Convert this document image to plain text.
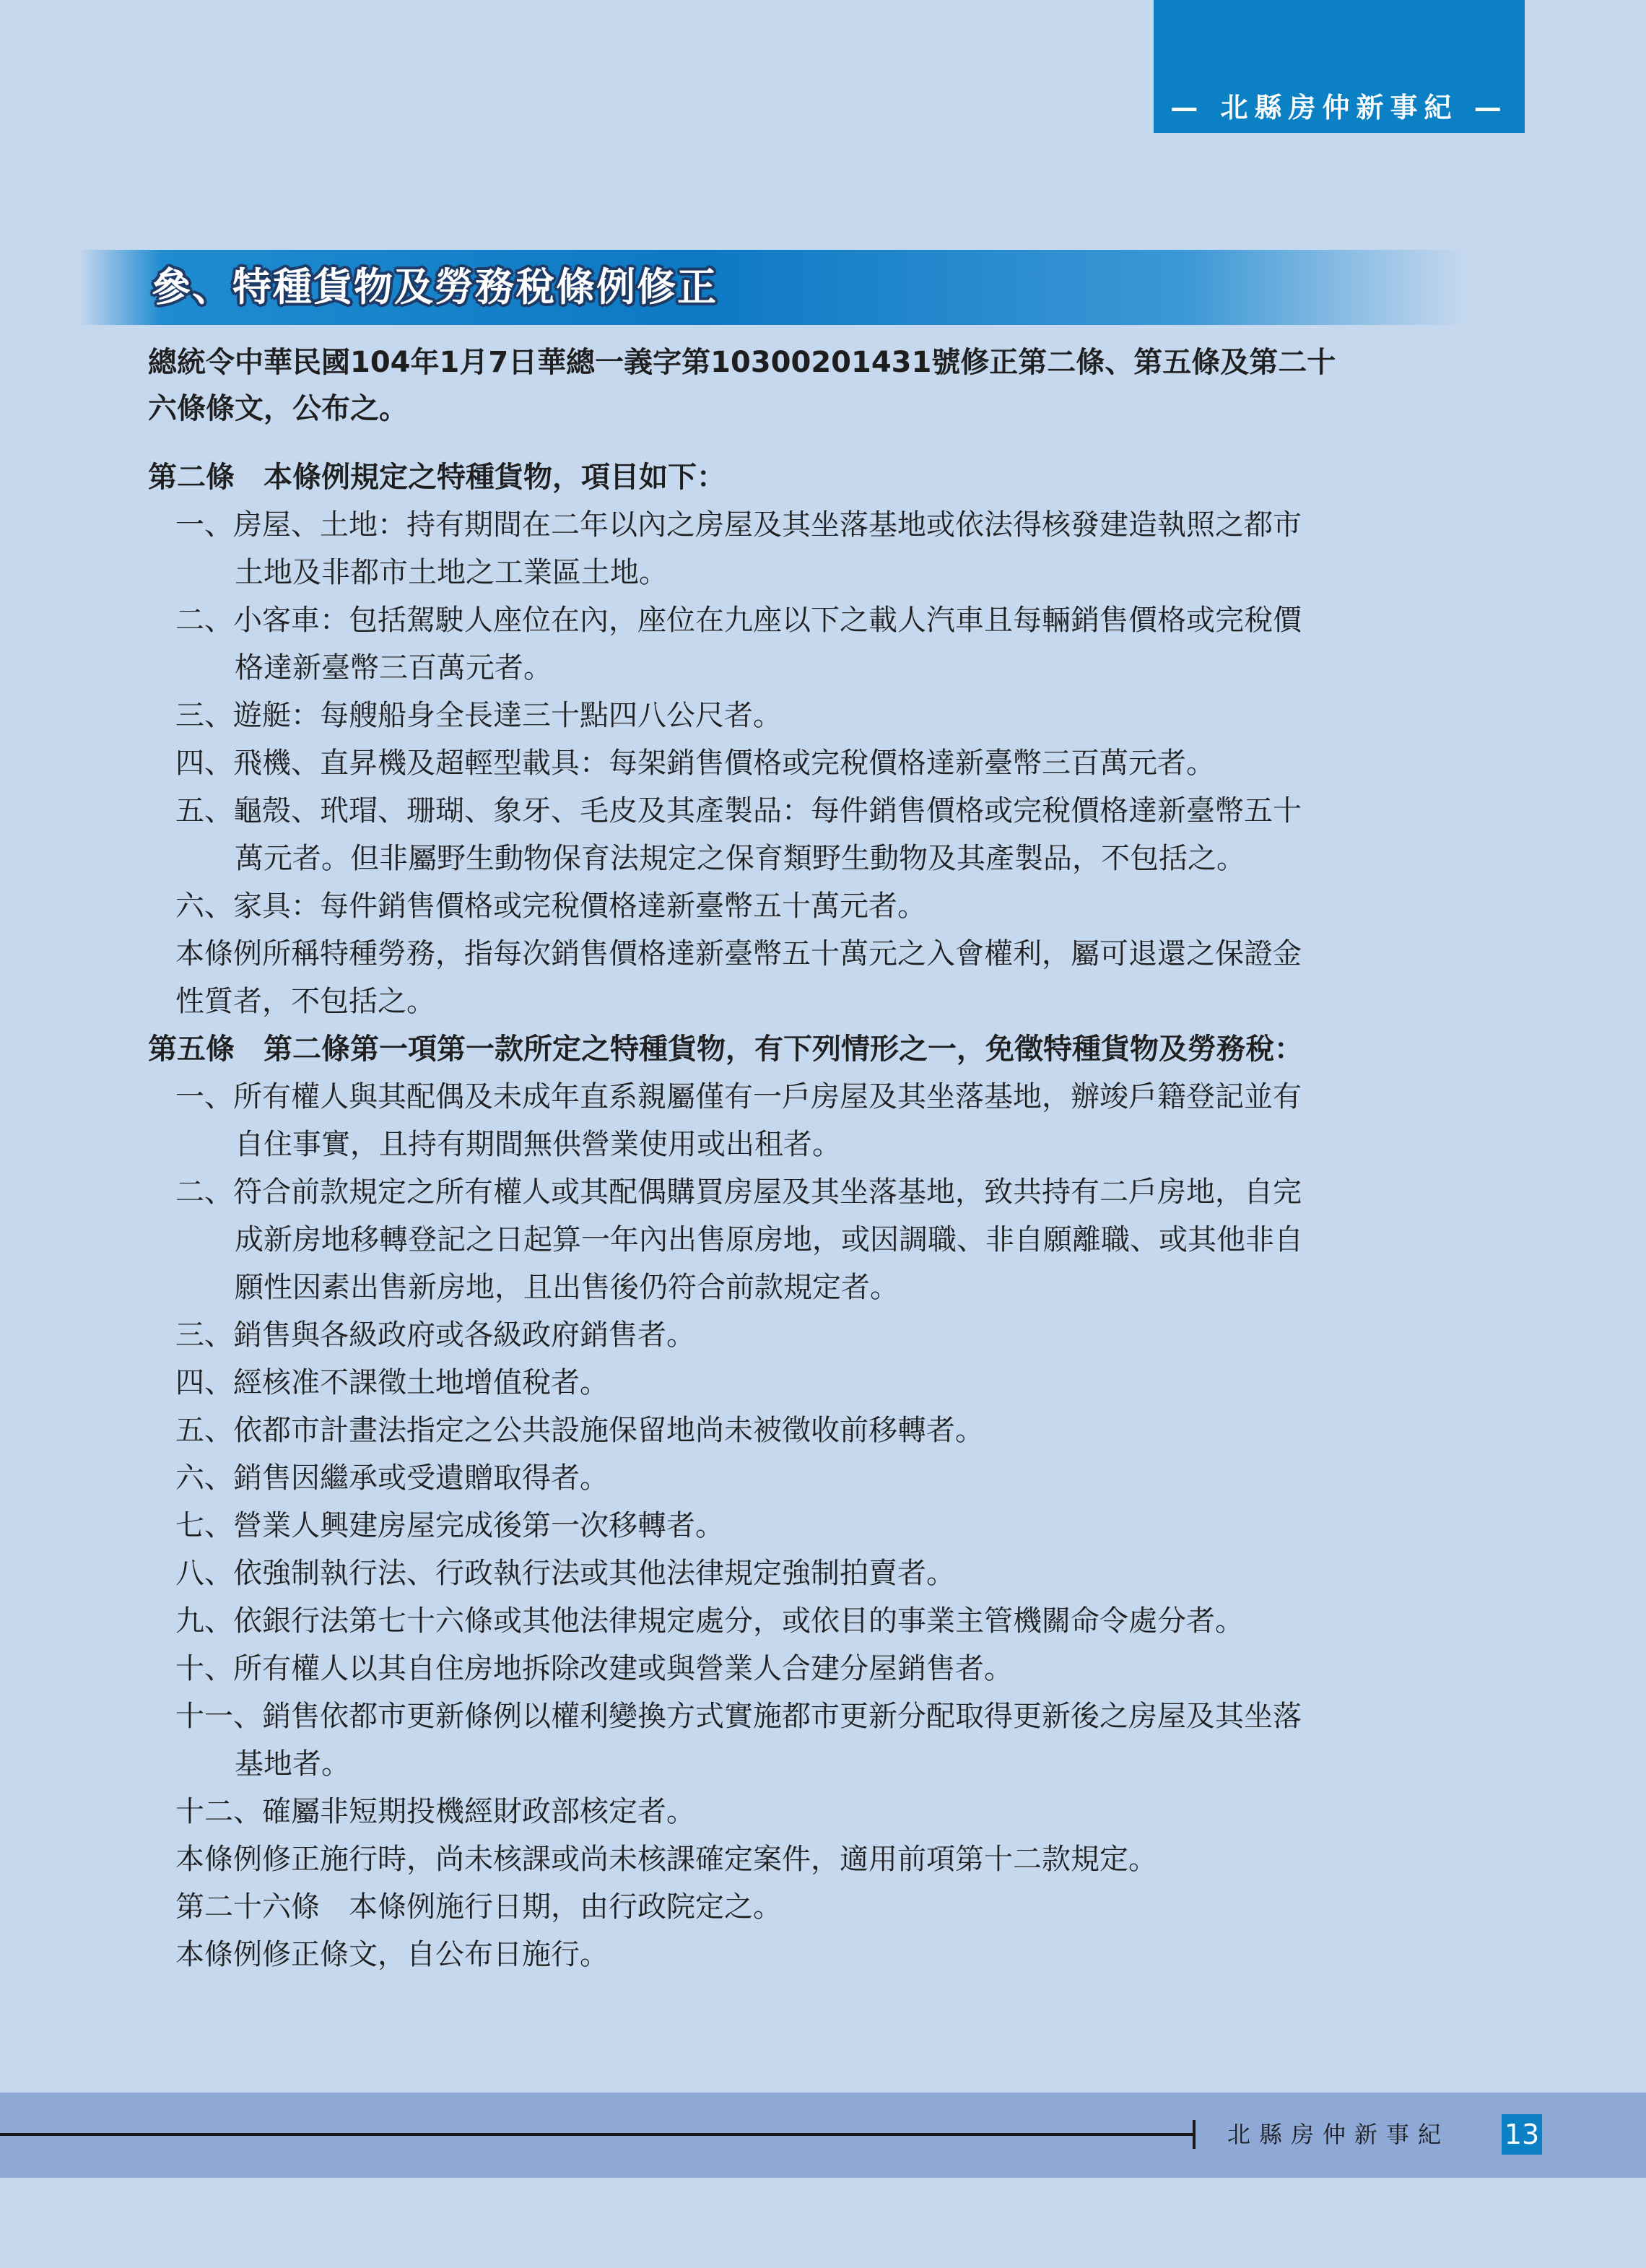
— 北縣房仲新事紀 —
參、特種貨物及勞務稅條例修正
總統令中華民國104年1月7日華總一義字第10300201431號修正第二條、第五條及第二十
六條條文，公布之。
第二條　本條例規定之特種貨物，項目如下：
一、房屋、土地：持有期間在二年以內之房屋及其坐落基地或依法得核發建造執照之都市
土地及非都市土地之工業區土地。
二、小客車：包括駕駛人座位在內，座位在九座以下之載人汽車且每輛銷售價格或完稅價
格達新臺幣三百萬元者。
三、遊艇：每艘船身全長達三十點四八公尺者。
四、飛機、直昇機及超輕型載具：每架銷售價格或完稅價格達新臺幣三百萬元者。
五、龜殼、玳瑁、珊瑚、象牙、毛皮及其產製品：每件銷售價格或完稅價格達新臺幣五十
萬元者。但非屬野生動物保育法規定之保育類野生動物及其產製品，不包括之。
六、家具：每件銷售價格或完稅價格達新臺幣五十萬元者。
本條例所稱特種勞務，指每次銷售價格達新臺幣五十萬元之入會權利，屬可退還之保證金
性質者，不包括之。
第五條　第二條第一項第一款所定之特種貨物，有下列情形之一，免徵特種貨物及勞務稅：
一、所有權人與其配偶及未成年直系親屬僅有一戶房屋及其坐落基地，辦竣戶籍登記並有
自住事實，且持有期間無供營業使用或出租者。
二、符合前款規定之所有權人或其配偶購買房屋及其坐落基地，致共持有二戶房地，自完
成新房地移轉登記之日起算一年內出售原房地，或因調職、非自願離職、或其他非自
願性因素出售新房地，且出售後仍符合前款規定者。
三、銷售與各級政府或各級政府銷售者。
四、經核准不課徵土地增值稅者。
五、依都市計畫法指定之公共設施保留地尚未被徵收前移轉者。
六、銷售因繼承或受遺贈取得者。
七、營業人興建房屋完成後第一次移轉者。
八、依強制執行法、行政執行法或其他法律規定強制拍賣者。
九、依銀行法第七十六條或其他法律規定處分，或依目的事業主管機關命令處分者。
十、所有權人以其自住房地拆除改建或與營業人合建分屋銷售者。
十一、銷售依都市更新條例以權利變換方式實施都市更新分配取得更新後之房屋及其坐落
基地者。
十二、確屬非短期投機經財政部核定者。
本條例修正施行時，尚未核課或尚未核課確定案件，適用前項第十二款規定。
第二十六條　本條例施行日期，由行政院定之。
本條例修正條文，自公布日施行。
北縣房仲新事紀 13
